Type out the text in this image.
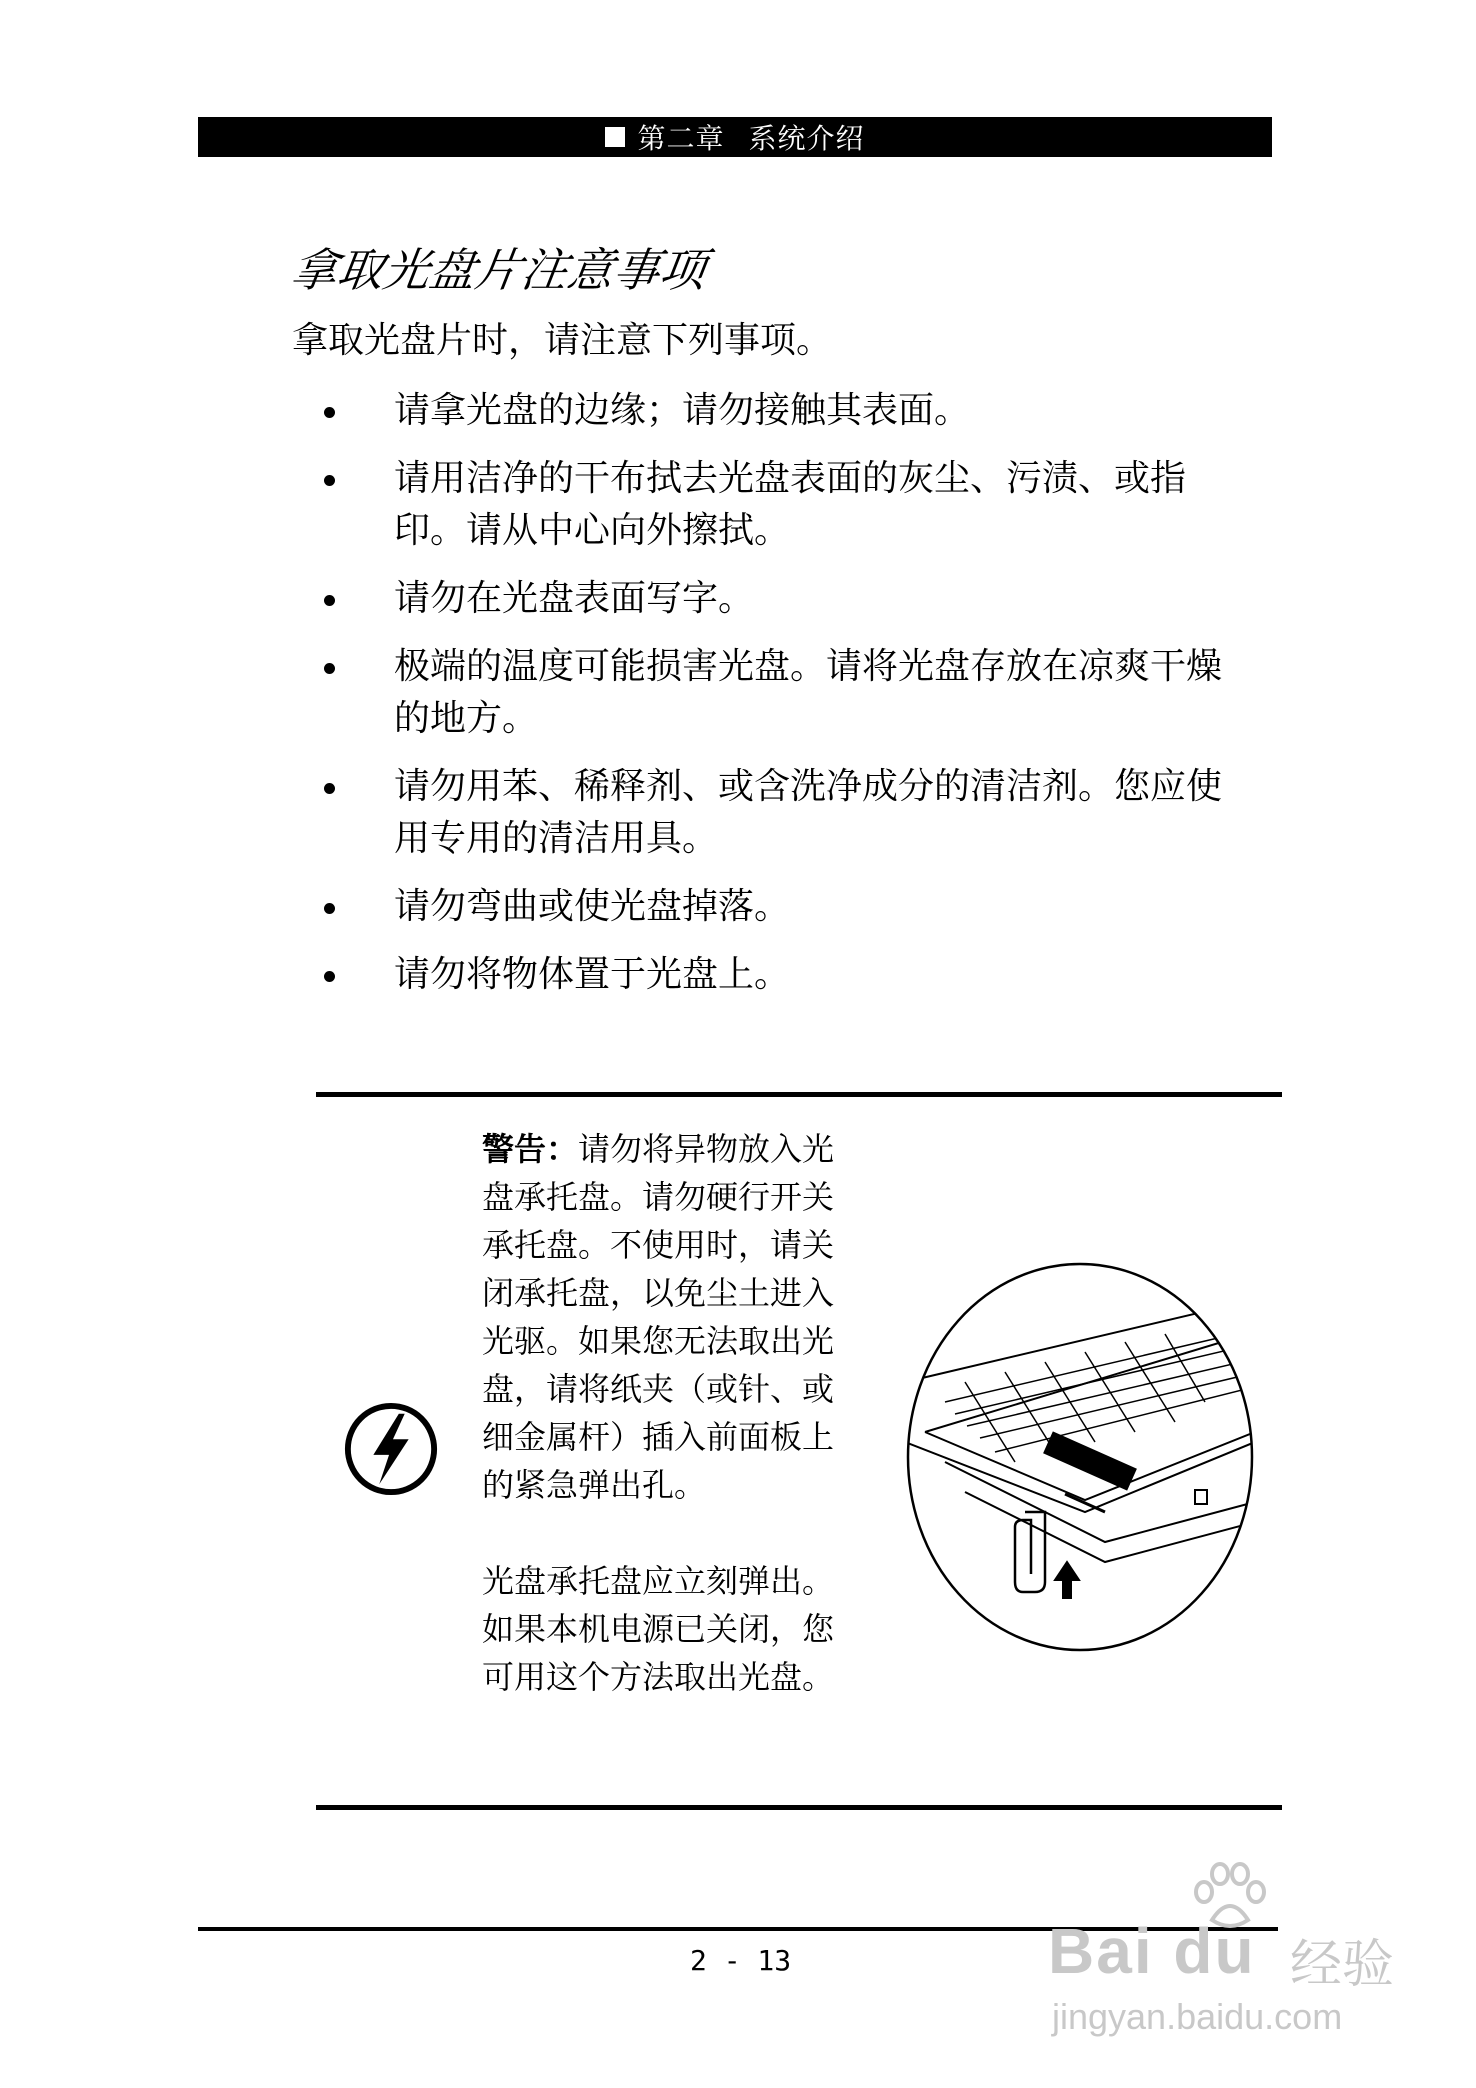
第二章 系统介绍
拿取光盘片注意事项
拿取光盘片时，请注意下列事项。
请拿光盘的边缘；请勿接触其表面。
请用洁净的干布拭去光盘表面的灰尘、污渍、或指印。请从中心向外擦拭。
请勿在光盘表面写字。
极端的温度可能损害光盘。请将光盘存放在凉爽干燥的地方。
请勿用苯、稀释剂、或含洗净成分的清洁剂。您应使用专用的清洁用具。
请勿弯曲或使光盘掉落。
请勿将物体置于光盘上。

警告：请勿将异物放入光盘承托盘。请勿硬行开关承托盘。不使用时，请关闭承托盘，以免尘土进入光驱。如果您无法取出光盘，请将纸夹（或针、或细金属杆）插入前面板上的紧急弹出孔。

光盘承托盘应立刻弹出。如果本机电源已关闭，您可用这个方法取出光盘。

2 - 13	Bai du 经验
jingyan.baidu.com
